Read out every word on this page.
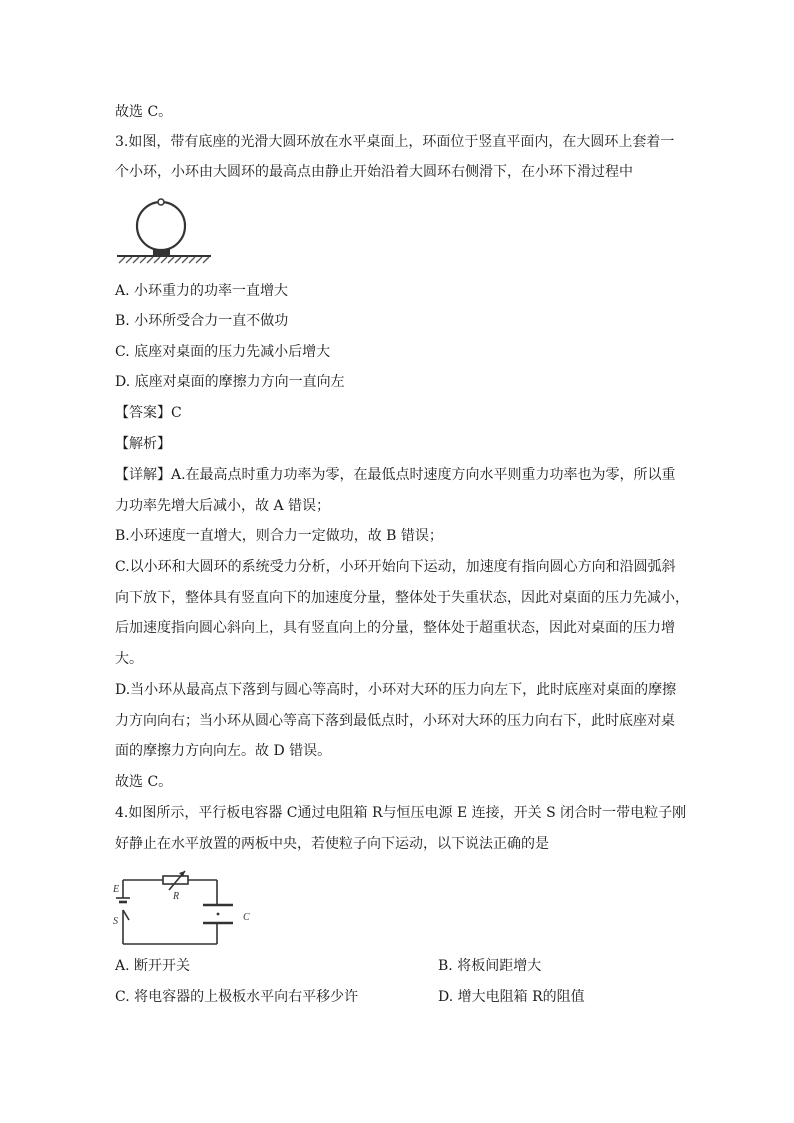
故选 C。
3.如图，带有底座的光滑大圆环放在水平桌面上，环面位于竖直平面内，在大圆环上套着一
个小环，小环由大圆环的最高点由静止开始沿着大圆环右侧滑下，在小环下滑过程中
A. 小环重力的功率一直增大
B. 小环所受合力一直不做功
C. 底座对桌面的压力先减小后增大
D. 底座对桌面的摩擦力方向一直向左
【答案】C
【解析】
【详解】A.在最高点时重力功率为零，在最低点时速度方向水平则重力功率也为零，所以重
力功率先增大后减小，故 A 错误；
B.小环速度一直增大，则合力一定做功，故 B 错误；
C.以小环和大圆环的系统受力分析，小环开始向下运动，加速度有指向圆心方向和沿圆弧斜
向下放下，整体具有竖直向下的加速度分量，整体处于失重状态，因此对桌面的压力先减小，
后加速度指向圆心斜向上，具有竖直向上的分量，整体处于超重状态，因此对桌面的压力增
大。
D.当小环从最高点下落到与圆心等高时，小环对大环的压力向左下，此时底座对桌面的摩擦
力方向向右；当小环从圆心等高下落到最低点时，小环对大环的压力向右下，此时底座对桌
面的摩擦力方向向左。故 D 错误。
故选 C。
4.如图所示，平行板电容器 C通过电阻箱 R与恒压电源 E 连接，开关 S 闭合时一带电粒子刚
好静止在水平放置的两板中央，若使粒子向下运动，以下说法正确的是
E
S
R
C
A. 断开开关	B. 将板间距增大
C. 将电容器的上极板水平向右平移少许	D. 增大电阻箱 R的阻值
